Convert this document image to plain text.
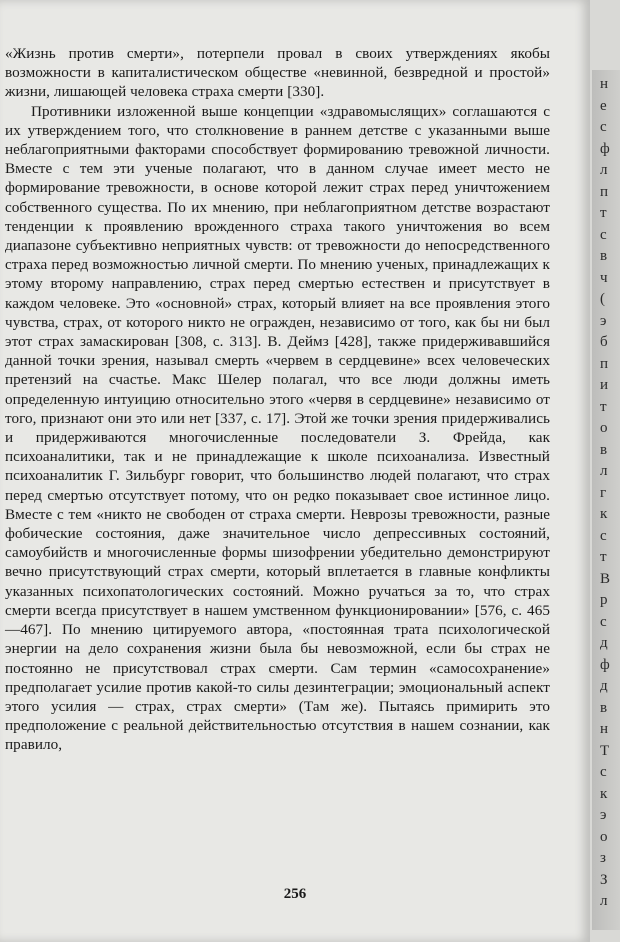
«Жизнь против смерти», потерпели провал в своих утверждениях якобы возможности в капиталистическом обществе «невинной, безвредной и простой» жизни, лишающей человека страха смерти [330].

Противники изложенной выше концепции «здравомыслящих» соглашаются с их утверждением того, что столкновение в раннем детстве с указанными выше неблагоприятными факторами способствует формированию тревожной личности. Вместе с тем эти ученые полагают, что в данном случае имеет место не формирование тревожности, в основе которой лежит страх перед уничтожением собственного существа. По их мнению, при неблагоприятном детстве возрастают тенденции к проявлению врожденного страха такого уничтожения во всем диапазоне субъективно неприятных чувств: от тревожности до непосредственного страха перед возможностью личной смерти. По мнению ученых, принадлежащих к этому второму направлению, страх перед смертью естествен и присутствует в каждом человеке. Это «основной» страх, который влияет на все проявления этого чувства, страх, от которого никто не огражден, независимо от того, как бы ни был этот страх замаскирован [308, с. 313]. В. Деймз [428], также придерживавшийся данной точки зрения, называл смерть «червем в сердцевине» всех человеческих претензий на счастье. Макс Шелер полагал, что все люди должны иметь определенную интуицию относительно этого «червя в сердцевине» независимо от того, признают они это или нет [337, с. 17]. Этой же точки зрения придерживались и придерживаются многочисленные последователи З. Фрейда, как психоаналитики, так и не принадлежащие к школе психоанализа. Известный психоаналитик Г. Зильбург говорит, что большинство людей полагают, что страх перед смертью отсутствует потому, что он редко показывает свое истинное лицо. Вместе с тем «никто не свободен от страха смерти. Неврозы тревожности, разные фобические состояния, даже значительное число депрессивных состояний, самоубийств и многочисленные формы шизофрении убедительно демонстрируют вечно присутствующий страх смерти, который вплетается в главные конфликты указанных психопатологических состояний. Можно ручаться за то, что страх смерти всегда присутствует в нашем умственном функционировании» [576, с. 465—467]. По мнению цитируемого автора, «постоянная трата психологической энергии на дело сохранения жизни была бы невозможной, если бы страх не постоянно не присутствовал страх смерти. Сам термин «самосохранение» предполагает усилие против какой-то силы дезинтеграции; эмоциональный аспект этого усилия — страх, страх смерти» (Там же). Пытаясь примирить это предположение с реальной действительностью отсутствия в нашем сознании, как правило,

256
н
е
с
ф
л
п
т
с
в
ч
(
э
б
п
и
т
о
в
л
г
к
с
т
В
р
с
д
ф
д
в
н
Т
с
к
э
о
з
З
л
